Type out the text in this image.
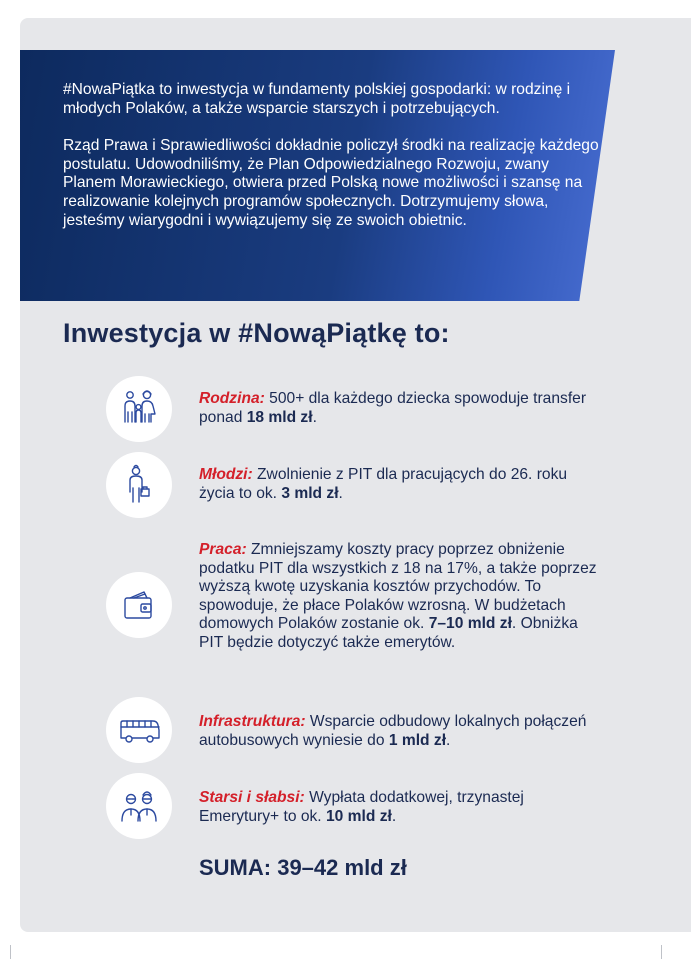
#NowaPiątka to inwestycja w fundamenty polskiej gospodarki: w rodzinę i młodych Polaków, a także wsparcie starszych i potrzebujących.

Rząd Prawa i Sprawiedliwości dokładnie policzył środki na realizację każdego postulatu. Udowodniliśmy, że Plan Odpowiedzialnego Rozwoju, zwany Planem Morawieckiego, otwiera przed Polską nowe możliwości i szansę na realizowanie kolejnych programów społecznych. Dotrzymujemy słowa, jesteśmy wiarygodni i wywiązujemy się ze swoich obietnic.

Inwestycja w #NowąPiątkę to:

Rodzina: 500+ dla każdego dziecka spowoduje transfer ponad 18 mld zł.

Młodzi: Zwolnienie z PIT dla pracujących do 26. roku życia to ok. 3 mld zł.

Praca: Zmniejszamy koszty pracy poprzez obniżenie podatku PIT dla wszystkich z 18 na 17%, a także poprzez wyższą kwotę uzyskania kosztów przychodów. To spowoduje, że płace Polaków wzrosną. W budżetach domowych Polaków zostanie ok. 7–10 mld zł. Obniżka PIT będzie dotyczyć także emerytów.

Infrastruktura: Wsparcie odbudowy lokalnych połączeń autobusowych wyniesie do 1 mld zł.

Starsi i słabsi: Wypłata dodatkowej, trzynastej Emerytury+ to ok. 10 mld zł.

SUMA: 39–42 mld zł
